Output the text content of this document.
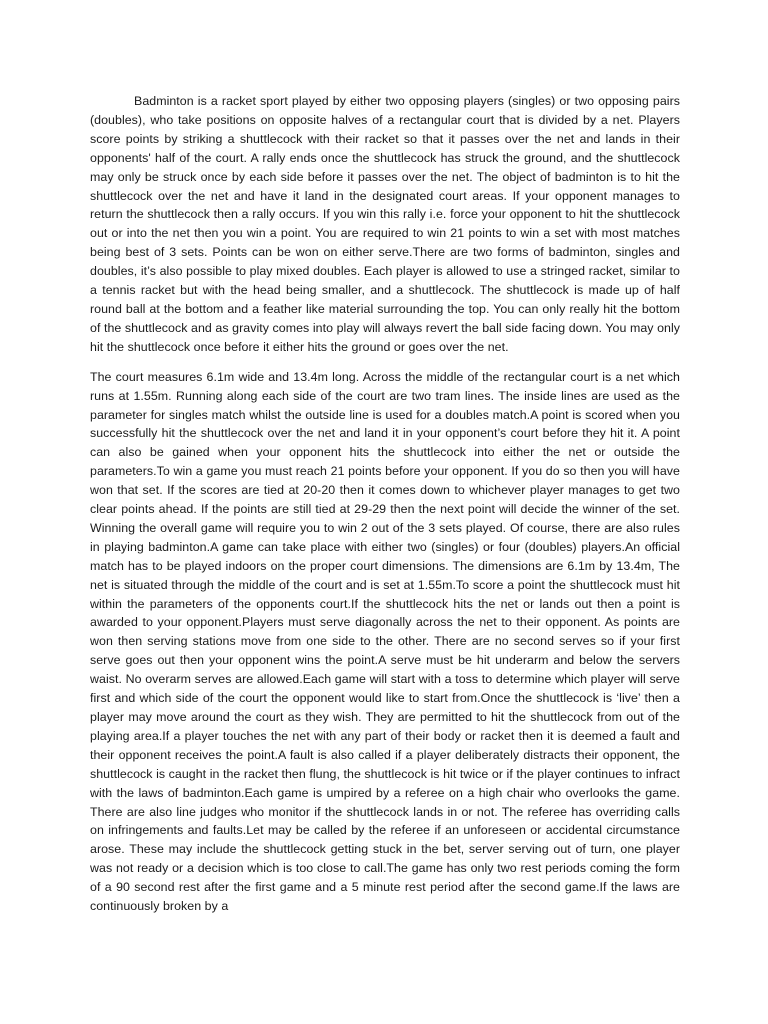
Badminton is a racket sport played by either two opposing players (singles) or two opposing pairs (doubles), who take positions on opposite halves of a rectangular court that is divided by a net. Players score points by striking a shuttlecock with their racket so that it passes over the net and lands in their opponents' half of the court. A rally ends once the shuttlecock has struck the ground, and the shuttlecock may only be struck once by each side before it passes over the net. The object of badminton is to hit the shuttlecock over the net and have it land in the designated court areas. If your opponent manages to return the shuttlecock then a rally occurs. If you win this rally i.e. force your opponent to hit the shuttlecock out or into the net then you win a point. You are required to win 21 points to win a set with most matches being best of 3 sets. Points can be won on either serve.There are two forms of badminton, singles and doubles, it’s also possible to play mixed doubles. Each player is allowed to use a stringed racket, similar to a tennis racket but with the head being smaller, and a shuttlecock. The shuttlecock is made up of half round ball at the bottom and a feather like material surrounding the top. You can only really hit the bottom of the shuttlecock and as gravity comes into play will always revert the ball side facing down. You may only hit the shuttlecock once before it either hits the ground or goes over the net.

The court measures 6.1m wide and 13.4m long. Across the middle of the rectangular court is a net which runs at 1.55m. Running along each side of the court are two tram lines. The inside lines are used as the parameter for singles match whilst the outside line is used for a doubles match.A point is scored when you successfully hit the shuttlecock over the net and land it in your opponent’s court before they hit it. A point can also be gained when your opponent hits the shuttlecock into either the net or outside the parameters.To win a game you must reach 21 points before your opponent. If you do so then you will have won that set. If the scores are tied at 20-20 then it comes down to whichever player manages to get two clear points ahead. If the points are still tied at 29-29 then the next point will decide the winner of the set. Winning the overall game will require you to win 2 out of the 3 sets played. Of course, there are also rules in playing badminton.A game can take place with either two (singles) or four (doubles) players.An official match has to be played indoors on the proper court dimensions. The dimensions are 6.1m by 13.4m, The net is situated through the middle of the court and is set at 1.55m.To score a point the shuttlecock must hit within the parameters of the opponents court.If the shuttlecock hits the net or lands out then a point is awarded to your opponent.Players must serve diagonally across the net to their opponent. As points are won then serving stations move from one side to the other. There are no second serves so if your first serve goes out then your opponent wins the point.A serve must be hit underarm and below the servers waist. No overarm serves are allowed.Each game will start with a toss to determine which player will serve first and which side of the court the opponent would like to start from.Once the shuttlecock is ‘live’ then a player may move around the court as they wish. They are permitted to hit the shuttlecock from out of the playing area.If a player touches the net with any part of their body or racket then it is deemed a fault and their opponent receives the point.A fault is also called if a player deliberately distracts their opponent, the shuttlecock is caught in the racket then flung, the shuttlecock is hit twice or if the player continues to infract with the laws of badminton.Each game is umpired by a referee on a high chair who overlooks the game. There are also line judges who monitor if the shuttlecock lands in or not. The referee has overriding calls on infringements and faults.Let may be called by the referee if an unforeseen or accidental circumstance arose. These may include the shuttlecock getting stuck in the bet, server serving out of turn, one player was not ready or a decision which is too close to call.The game has only two rest periods coming the form of a 90 second rest after the first game and a 5 minute rest period after the second game.If the laws are continuously broken by a
